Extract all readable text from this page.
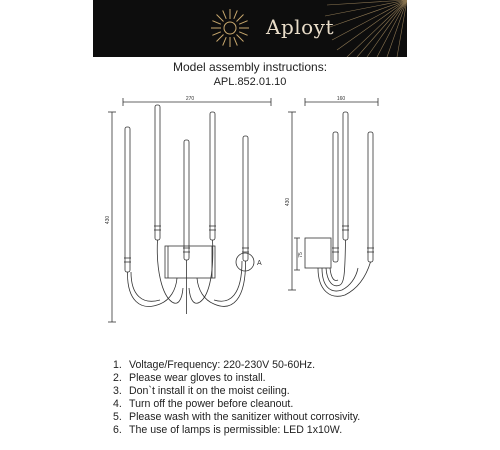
Aployt
Model assembly instructions:
APL.852.01.10
270
430
A
160
430
75
1. Voltage/Frequency: 220-230V 50-60Hz.
2. Please wear gloves to install.
3. Don`t install it on the moist ceiling.
4. Turn off the power before cleanout.
5. Please wash with the sanitizer without corrosivity.
6. The use of lamps is permissible: LED 1x10W.
